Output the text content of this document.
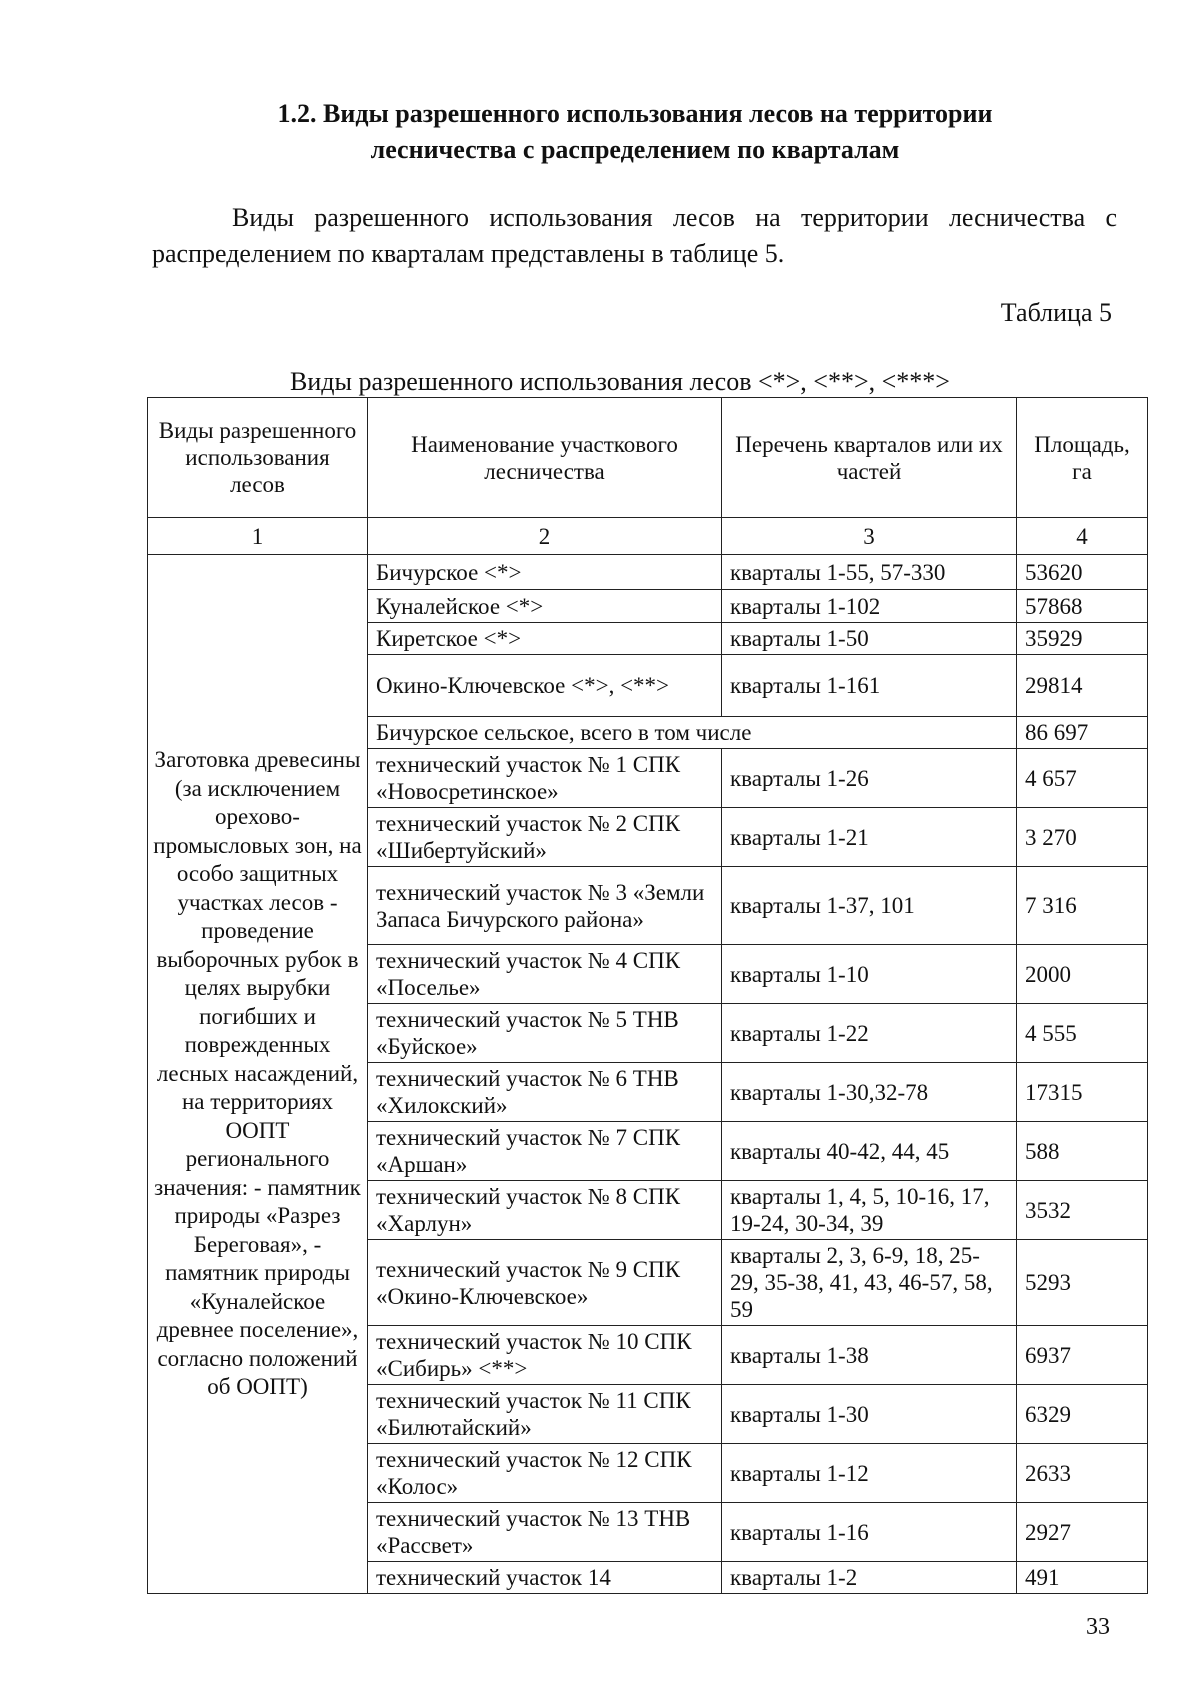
1.2. Виды разрешенного использования лесов на территории
лесничества с распределением по кварталам
Виды разрешенного использования лесов на территории лесничества с распределением по кварталам представлены в таблице 5.
Таблица 5
Виды разрешенного использования лесов <*>, <**>, <***>
Виды разрешенного использования лесов	Наименование участкового лесничества	Перечень кварталов или их частей	Площадь, га
1	2	3	4
Заготовка древесины (за исключением орехово-промысловых зон, на особо защитных участках лесов - проведение выборочных рубок в целях вырубки погибших и поврежденных лесных насаждений, на территориях ООПТ регионального значения: - памятник природы «Разрез Береговая», - памятник природы «Куналейское древнее поселение», согласно положений об ООПТ)	Бичурское <*>	кварталы 1-55, 57-330	53620
	Куналейское <*>	кварталы 1-102	57868
	Киретское <*>	кварталы 1-50	35929
	Окино-Ключевское <*>, <**>	кварталы 1-161	29814
	Бичурское сельское, всего в том числе		86 697
	технический участок № 1 СПК «Новосретинское»	кварталы 1-26	4 657
	технический участок № 2 СПК «Шибертуйский»	кварталы 1-21	3 270
	технический участок № 3 «Земли Запаса Бичурского района»	кварталы 1-37, 101	7 316
	технический участок № 4 СПК «Поселье»	кварталы 1-10	2000
	технический участок № 5 ТНВ «Буйское»	кварталы 1-22	4 555
	технический участок № 6 ТНВ «Хилокский»	кварталы 1-30,32-78	17315
	технический участок № 7 СПК «Аршан»	кварталы 40-42, 44, 45	588
	технический участок № 8 СПК «Харлун»	кварталы 1, 4, 5, 10-16, 17, 19-24, 30-34, 39	3532
	технический участок № 9 СПК «Окино-Ключевское»	кварталы 2, 3, 6-9, 18, 25-29, 35-38, 41, 43, 46-57, 58, 59	5293
	технический участок № 10 СПК «Сибирь» <**>	кварталы 1-38	6937
	технический участок № 11 СПК «Билютайский»	кварталы 1-30	6329
	технический участок № 12 СПК «Колос»	кварталы 1-12	2633
	технический участок № 13 ТНВ «Рассвет»	кварталы 1-16	2927
	технический участок 14	кварталы 1-2	491
33
